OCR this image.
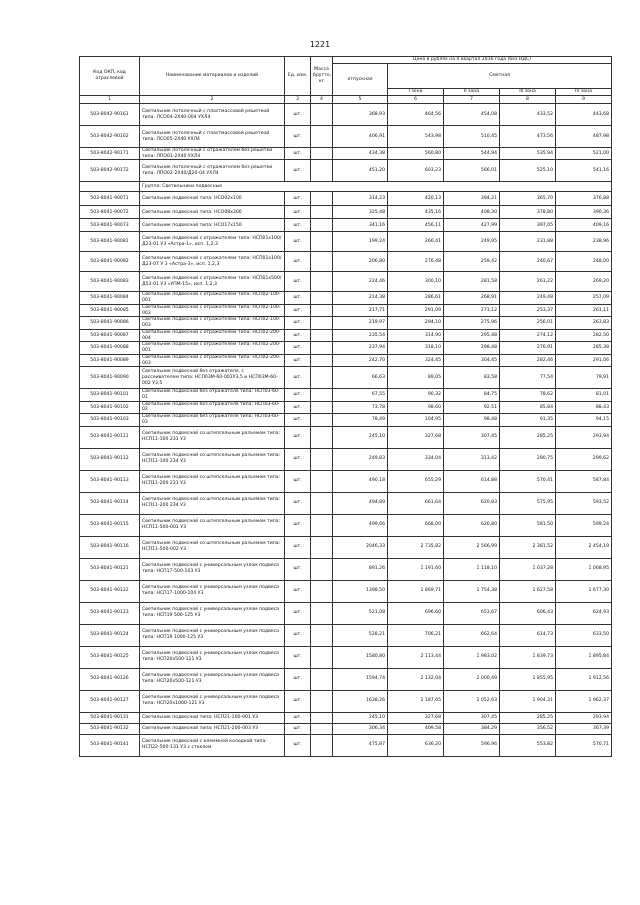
1221
Код ОКП, код отраслевой	Наименование материалов и изделий	Ед. изм.	Масса брутто, кг	Цена в рублях на II квартал 2016 года (без НДС)				
				отпускная	Сметная			
					I зона	II зона	III зона	IV зона
1	2	3	4	5	6	7	8	9
503-8042-90161	Светильник потолочный с пластмассовой решеткой типа: ЛСО04-2Х40-004 УХЛ4	шт.		368,93	464,56	454,08	433,52	443,68
503-8042-90162	Светильник потолочный с пластмассовой решеткой типа: ЛСО05-2Х40 УХЛ4	шт.		406,91	543,98	510,45	473,56	487,98
503-8042-90171	Светильник потолочный с отражателем без решетки типа: ЛПО01-2Х40 УХЛ4	шт.		434,38	560,80	544,94	535,94	521,00
503-8042-90172	Светильник потолочный с отражателем без решетки типа: ЛПО02-2Х40/Д20-04 УХЛ4	шт.		451,20	603,23	566,01	525,10	541,16
	Группа: Светильники подвесные							
503-8041-90071	Светильник подвесной типа: НСО02х100	шт.		314,23	420,13	394,21	365,70	376,88
503-8041-90072	Светильник подвесной типа: НСО08х300	шт.		325,48	435,16	408,30	378,80	390,36
503-8041-90073	Светильник подвесной типа: НСО17х150	шт.		341,16	456,11	427,99	397,05	409,16
503-8041-90081	Светильник подвесной с отражателем типа: НСП01х100/Д23-01 У3 «Астра-1», исп. 1,2,3	шт.		199,24	266,41	249,95	231,88	238,96
503-8041-90082	Светильник подвесной с отражателем типа: НСП01х100/Д23-07 У 3 «Астра-3», исп. 1,2,3	шт.		206,80	276,48	259,42	240,67	248,00
503-8041-90083	Светильник подвесной с отражателем типа: НСП01х500/Д53-01 У3 «УПМ-15», исп. 1,2,3	шт.		224,46	300,10	281,58	261,22	269,20
503-8041-90084	Светильник подвесной с отражателем типа: НСП02-100-001	шт.		214,38	286,61	268,91	249,48	257,09
503-8041-90085	Светильник подвесной с отражателем типа: НСП02-100-003	шт.		217,71	291,09	273,12	253,37	261,11
503-8041-90086	Светильник подвесной с отражателем типа: НСП02-100-003	шт.		219,97	294,10	275,96	256,01	263,83
503-8041-90087	Светильник подвесной с отражателем типа: НСП02-200-004	шт.		235,54	314,90	295,48	274,12	282,50
503-8041-90088	Светильник подвесной с отражателем типа: НСП02-200-001	шт.		237,94	318,10	298,48	276,91	285,38
503-8041-90089	Светильник подвесной с отражателем типа: НСП02-200-003	шт.		242,70	324,45	304,45	282,46	291,06
503-8041-90090	Светильник подвесной без отражателя, с рассеивателем типа: НСП03М-60-001У3,5 и НСП03М-60-002 У3,5	шт.		66,63	89,05	83,58	77,54	79,91
503-8041-90101	Светильник подвесной без отражателя типа: НСП03-60-01	шт.		67,55	90,32	84,75	78,62	81,01
503-8041-90102	Светильник подвесной без отражателя типа: НСП03-60-02	шт.		73,78	98,60	92,51	85,84	88,43
503-8041-90103	Светильник подвесной без отражателя типа: НСП03-60-03	шт.		78,49	104,95	98,48	91,35	94,15
503-8041-90111	Светильник подвесной со штепсельным разъемом типа: НСП11-100 231 У3	шт.		245,10	327,68	307,45	285,25	293,94
503-8041-90112	Светильник подвесной со штепсельным разъемом типа: НСП11-100 234 У3	шт.		249,83	334,04	313,42	290,75	299,62
503-8041-90113	Светильник подвесной со штепсельным разъемом типа: НСП11-200 231 У3	шт.		490,18	655,29	614,88	570,41	587,84
503-8041-90114	Светильник подвесной со штепсельным разъемом типа: НСП11-200 234 У3	шт.		494,89	661,64	620,83	575,95	593,52
503-8041-90115	Светильник подвесной со штепсельным разъемом типа: НСП11-500-001 У3	шт.		499,66	668,00	626,80	581,50	599,24
503-8041-90116	Светильник подвесной со штепсельным разъемом типа: НСП11-500-002 У3	шт.		2046,33	2 735,82	2 566,99	2 381,52	2 454,19
503-8041-90121	Светильник подвесной с универсальным узлом подвеса типа: НСП17-500-103 У3	шт.		891,26	1 191,60	1 118,10	1 037,28	1 068,95
503-8041-90122	Светильник подвесной с универсальным узлом подвеса типа: НСП17-1000-104 У3	шт.		1398,50	1 869,71	1 754,38	1 627,58	1 677,30
503-8041-90123	Светильник подвесной с универсальным узлом подвеса типа: НСП19 500-125 У3	шт.		521,08	696,60	653,67	606,43	624,93
503-8041-90124	Светильник подвесной с универсальным узлом подвеса типа: НСП19 1000-125 У3	шт.		528,21	706,21	662,64	614,73	633,50
503-8041-90125	Светильник подвесной с универсальным узлом подвеса типа: НСП20х500-111 У3	шт.		1580,80	2 113,44	1 983,02	1 839,73	1 895,84
503-8041-90126	Светильник подвесной с универсальным узлом подвеса типа: НСП20х500-121 У3	шт.		1594,74	2 132,04	2 000,49	1 855,95	1 912,56
503-8041-90127	Светильник подвесной с универсальным узлом подвеса типа: НСП20х1000-121 У3	шт.		1638,26	2 187,65	2 052,63	1 904,31	1 962,37
503-8041-90131	Светильник подвесной типа: НСП21-100-001 У3	шт.		245,10	327,68	307,45	285,25	293,94
503-8041-90132	Светильник подвесной типа: НСП21-200-003 У3	шт.		306,34	409,58	384,29	356,52	367,39
503-8041-90141	Светильник подвесной с клеммной колодкой типа: НСП22-500-131 У3 с стеклом	шт.		475,87	636,20	596,96	553,82	570,71
